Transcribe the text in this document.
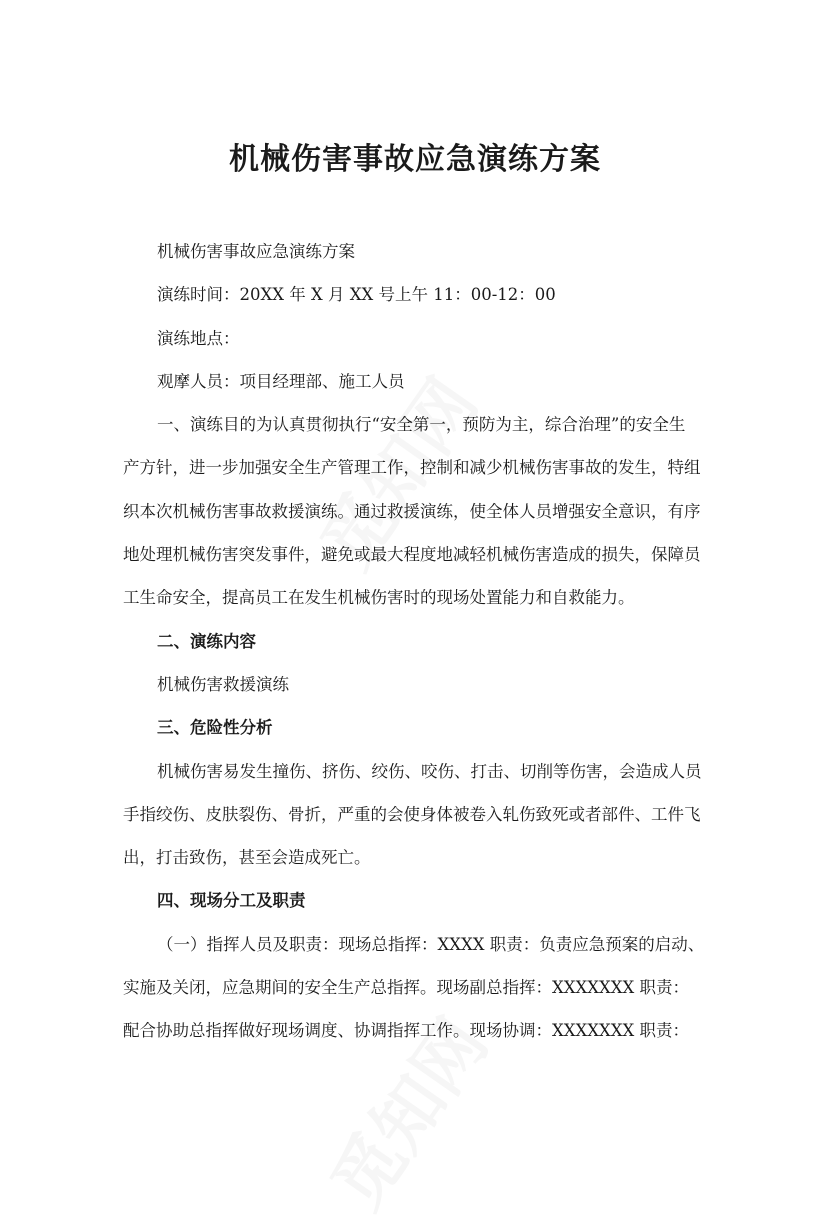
机械伤害事故应急演练方案
机械伤害事故应急演练方案
演练时间：20XX 年 X 月 XX 号上午 11：00-12：00
演练地点：
观摩人员：项目经理部、施工人员
一、演练目的为认真贯彻执行“安全第一，预防为主，综合治理”的安全生
产方针，进一步加强安全生产管理工作，控制和减少机械伤害事故的发生，特组
织本次机械伤害事故救援演练。通过救援演练，使全体人员增强安全意识，有序
地处理机械伤害突发事件，避免或最大程度地减轻机械伤害造成的损失，保障员
工生命安全，提高员工在发生机械伤害时的现场处置能力和自救能力。
二、演练内容
机械伤害救援演练
三、危险性分析
机械伤害易发生撞伤、挤伤、绞伤、咬伤、打击、切削等伤害，会造成人员
手指绞伤、皮肤裂伤、骨折，严重的会使身体被卷入轧伤致死或者部件、工件飞
出，打击致伤，甚至会造成死亡。
四、现场分工及职责
（一）指挥人员及职责：现场总指挥：XXXX 职责：负责应急预案的启动、
实施及关闭，应急期间的安全生产总指挥。现场副总指挥：XXXXXXX 职责：
配合协助总指挥做好现场调度、协调指挥工作。现场协调：XXXXXXX 职责：
